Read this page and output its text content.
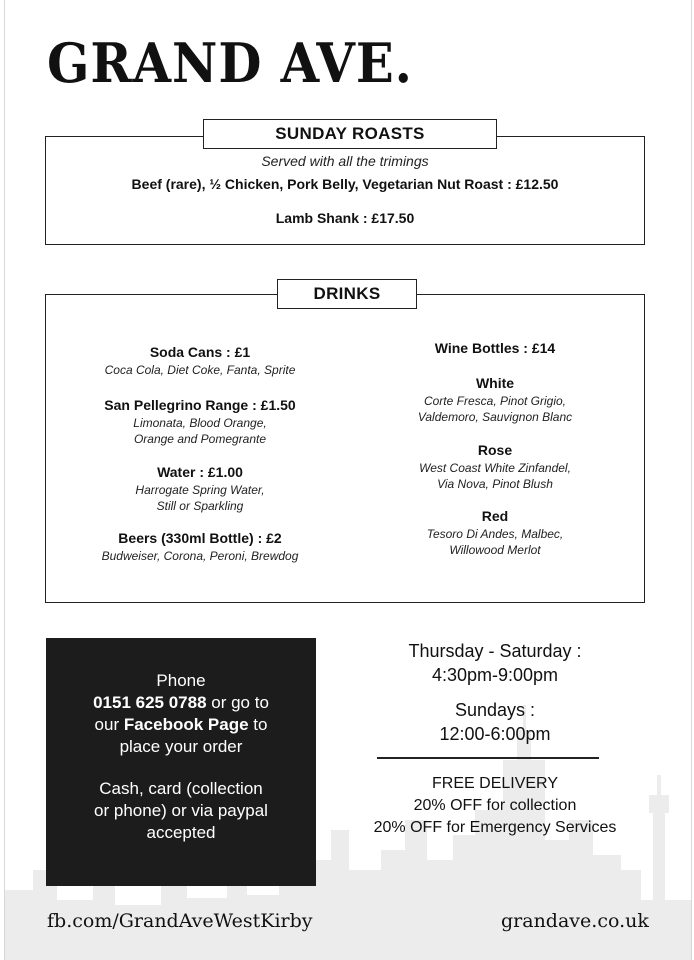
GRAND AVE.
SUNDAY ROASTS
Served with all the trimings
Beef (rare), ½ Chicken, Pork Belly, Vegetarian Nut Roast : £12.50
Lamb Shank : £17.50
DRINKS
Soda Cans : £1
Coca Cola, Diet Coke, Fanta, Sprite
San Pellegrino Range : £1.50
Limonata, Blood Orange,
Orange and Pomegrante
Water : £1.00
Harrogate Spring Water,
Still or Sparkling
Beers (330ml Bottle) : £2
Budweiser, Corona, Peroni, Brewdog
Wine Bottles : £14
White
Corte Fresca, Pinot Grigio,
Valdemoro, Sauvignon Blanc
Rose
West Coast White Zinfandel,
Via Nova, Pinot Blush
Red
Tesoro Di Andes, Malbec,
Willowood Merlot
Phone
0151 625 0788 or go to
our Facebook Page to
place your order
Cash, card (collection
or phone) or via paypal
accepted
Thursday - Saturday :
4:30pm-9:00pm
Sundays :
12:00-6:00pm
FREE DELIVERY
20% OFF for collection
20% OFF for Emergency Services
fb.com/GrandAveWestKirby	grandave.co.uk
